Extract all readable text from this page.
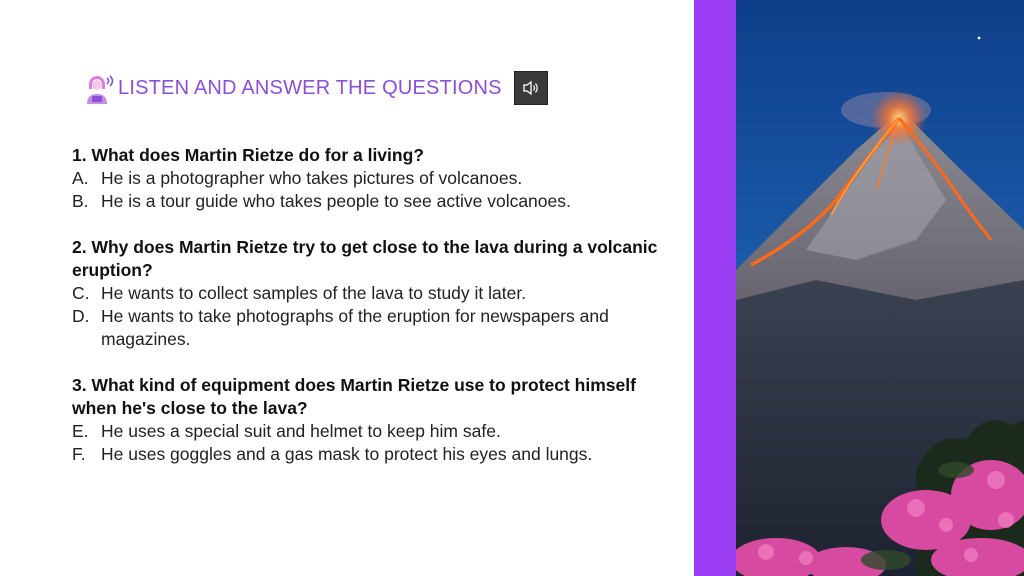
LISTEN AND ANSWER THE QUESTIONS
1. What does Martin Rietze do for a living?
A. He is a photographer who takes pictures of volcanoes.
B. He is a tour guide who takes people to see active volcanoes.
2. Why does Martin Rietze try to get close to the lava during a volcanic eruption?
C. He wants to collect samples of the lava to study it later.
D. He wants to take photographs of the eruption for newspapers and magazines.
3. What kind of equipment does Martin Rietze use to protect himself when he's close to the lava?
E. He uses a special suit and helmet to keep him safe.
F. He uses goggles and a gas mask to protect his eyes and lungs.
